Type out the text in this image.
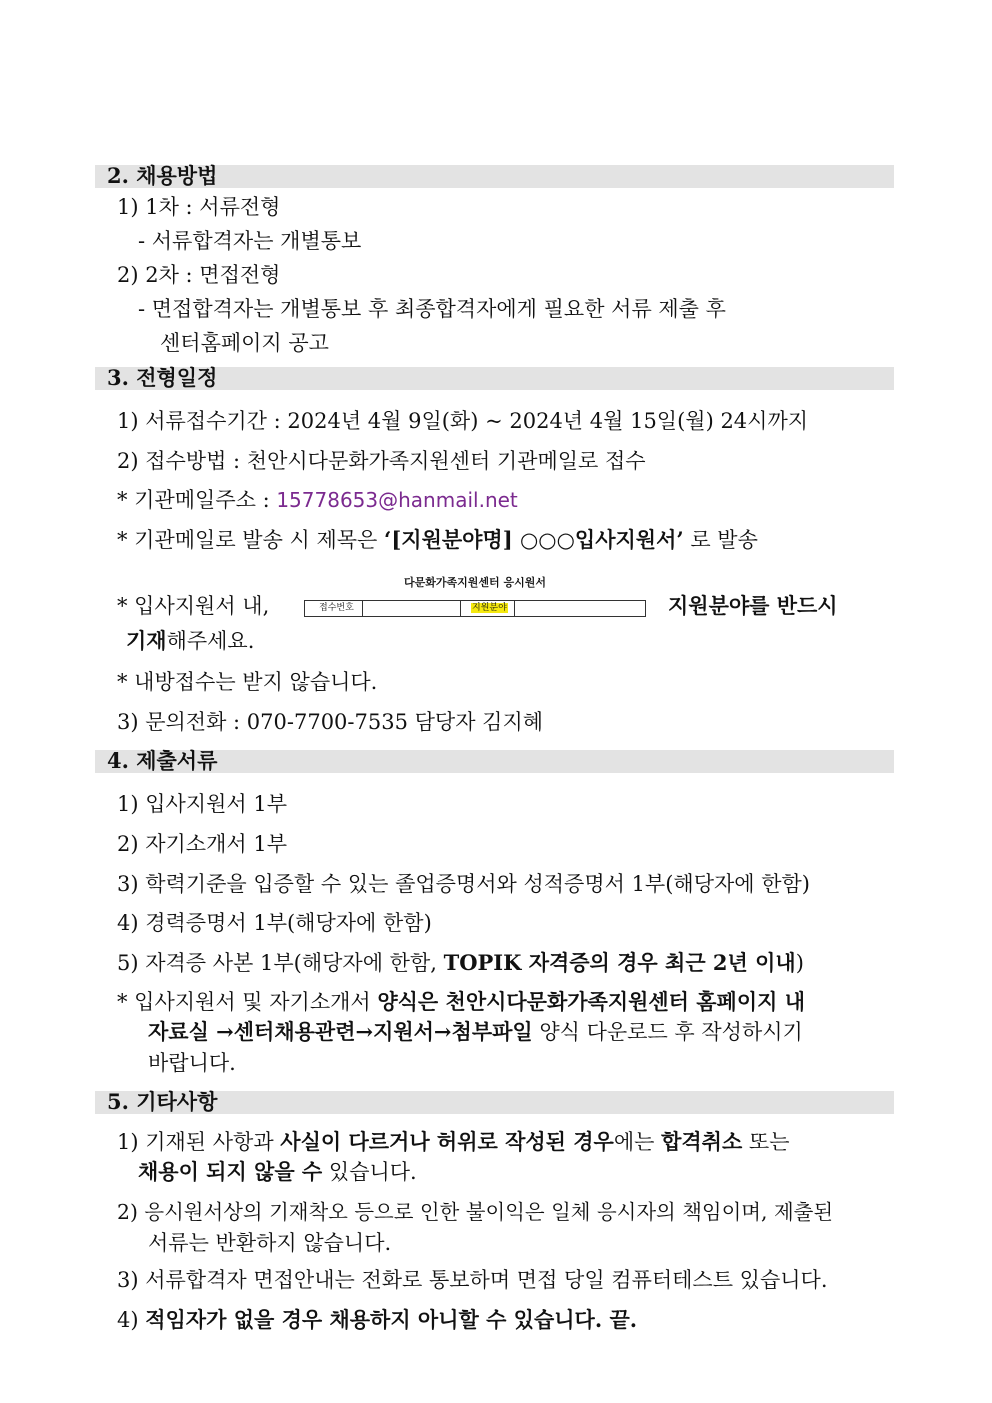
2. 채용방법
1) 1차 : 서류전형
- 서류합격자는 개별통보
2) 2차 : 면접전형
- 면접합격자는 개별통보 후 최종합격자에게 필요한 서류 제출 후
센터홈페이지 공고
3. 전형일정
1) 서류접수기간 : 2024년 4월 9일(화) ~ 2024년 4월 15일(월) 24시까지
2) 접수방법 : 천안시다문화가족지원센터 기관메일로 접수
* 기관메일주소 : 15778653@hanmail.net
* 기관메일로 발송 시 제목은 ‘[지원분야명] ○○○입사지원서’ 로 발송
다문화가족지원센터 응시원서
* 입사지원서 내,	접수번호	지원분야	지원분야를 반드시
기재해주세요.
* 내방접수는 받지 않습니다.
3) 문의전화 : 070-7700-7535 담당자 김지혜
4. 제출서류
1) 입사지원서 1부
2) 자기소개서 1부
3) 학력기준을 입증할 수 있는 졸업증명서와 성적증명서 1부(해당자에 한함)
4) 경력증명서 1부(해당자에 한함)
5) 자격증 사본 1부(해당자에 한함, TOPIK 자격증의 경우 최근 2년 이내)
* 입사지원서 및 자기소개서 양식은 천안시다문화가족지원센터 홈페이지 내
자료실 →센터채용관련→지원서→첨부파일 양식 다운로드 후 작성하시기
바랍니다.
5. 기타사항
1) 기재된 사항과 사실이 다르거나 허위로 작성된 경우에는 합격취소 또는
채용이 되지 않을 수 있습니다.
2) 응시원서상의 기재착오 등으로 인한 불이익은 일체 응시자의 책임이며, 제출된
서류는 반환하지 않습니다.
3) 서류합격자 면접안내는 전화로 통보하며 면접 당일 컴퓨터테스트 있습니다.
4) 적임자가 없을 경우 채용하지 아니할 수 있습니다. 끝.
